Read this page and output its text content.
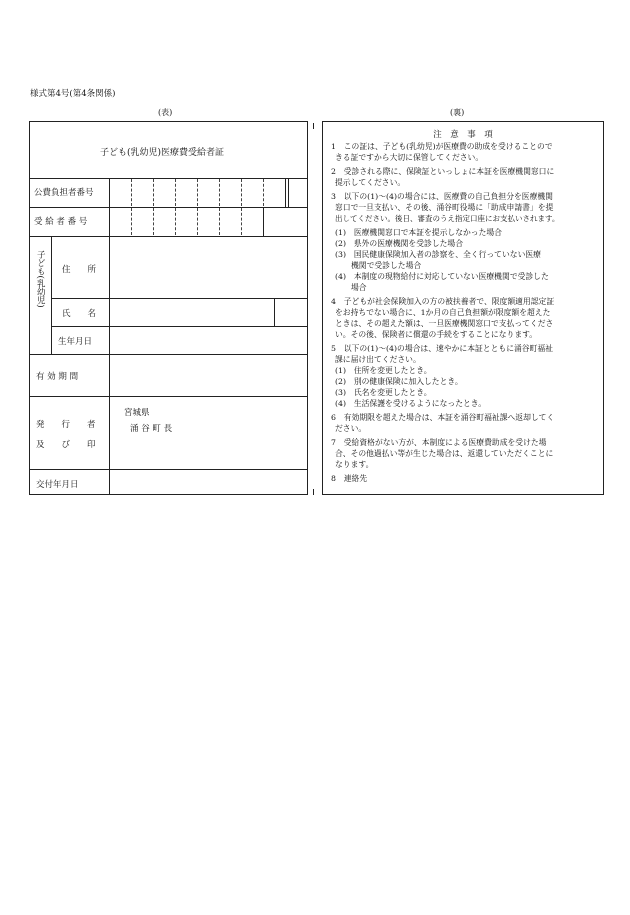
様式第4号(第4条関係)
(表)	(裏)
子ども(乳幼児)医療費受給者証
公費負担者番号
受 給 者 番 号
子ども(乳幼児) 住　　所
氏　　名
生年月日
有 効 期 間
発　　行　　者
及　　び　　印
宮城県
涌 谷 町 長
交付年月日
注　意　事　項
1　この証は、子ども(乳幼児)が医療費の助成を受けることので
きる証ですから大切に保管してください。
2　受診される際に、保険証といっしょに本証を医療機関窓口に
提示してください。
3　以下の(1)～(4)の場合には、医療費の自己負担分を医療機関
窓口で一旦支払い、その後、涌谷町役場に「助成申請書」を提
出してください。後日、審査のうえ指定口座にお支払いされます。
(1)　医療機関窓口で本証を提示しなかった場合
(2)　県外の医療機関を受診した場合
(3)　国民健康保険加入者の診察を、全く行っていない医療
機関で受診した場合
(4)　本制度の現物給付に対応していない医療機関で受診した
場合
4　子どもが社会保険加入の方の被扶養者で、限度額適用認定証
をお持ちでない場合に、1か月の自己負担額が限度額を超えた
ときは、その超えた額は、一旦医療機関窓口で支払ってくださ
い。その後、保険者に償還の手続をすることになります。
5　以下の(1)～(4)の場合は、速やかに本証とともに涌谷町福祉
課に届け出てください。
(1)　住所を変更したとき。
(2)　別の健康保険に加入したとき。
(3)　氏名を変更したとき。
(4)　生活保護を受けるようになったとき。
6　有効期限を超えた場合は、本証を涌谷町福祉課へ返却してく
ださい。
7　受給資格がない方が、本制度による医療費助成を受けた場
合、その他過払い等が生じた場合は、返還していただくことに
なります。
8　連絡先
